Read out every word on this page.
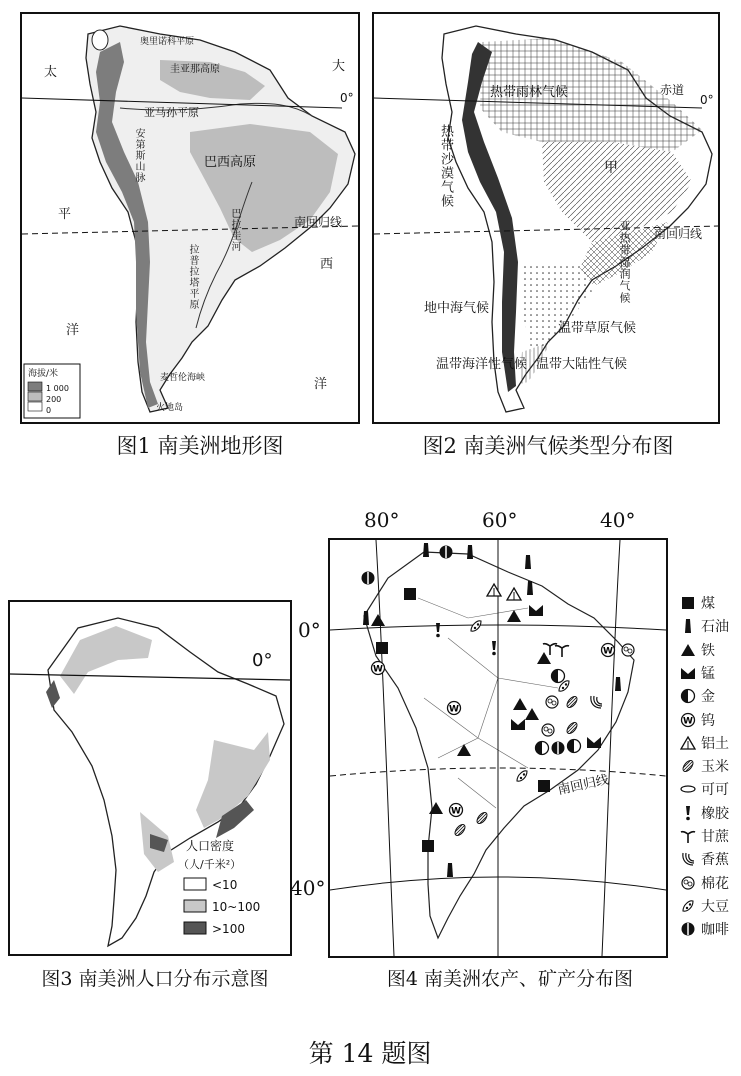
0°
南回归线
太
平
洋
大
西
洋
奥里诺科平原
圭亚那高原
亚马孙平原
巴西高原
麦哲伦海峡
火地岛
海拔/米
1 000
200
0
安第斯山脉
拉普拉塔平原
巴拉圭河
图1 南美洲地形图
赤道
0°
南回归线
热带雨林气候
甲
地中海气候
温带草原气候
温带海洋性气候 温带大陆性气候
热带沙漠气候
亚热带湿润气候
图2 南美洲气候类型分布图
0°
人口密度
（人/千米²）
<10
10~100
>100
图3 南美洲人口分布示意图
南回归线
W
W
W
W
80°	60°	40°
0°
40°
煤
石油
铁
锰
金
W 钨
铝土
玉米
可可
橡胶
甘蔗
香蕉
棉花
大豆
咖啡
图4 南美洲农产、矿产分布图
第 14 题图
